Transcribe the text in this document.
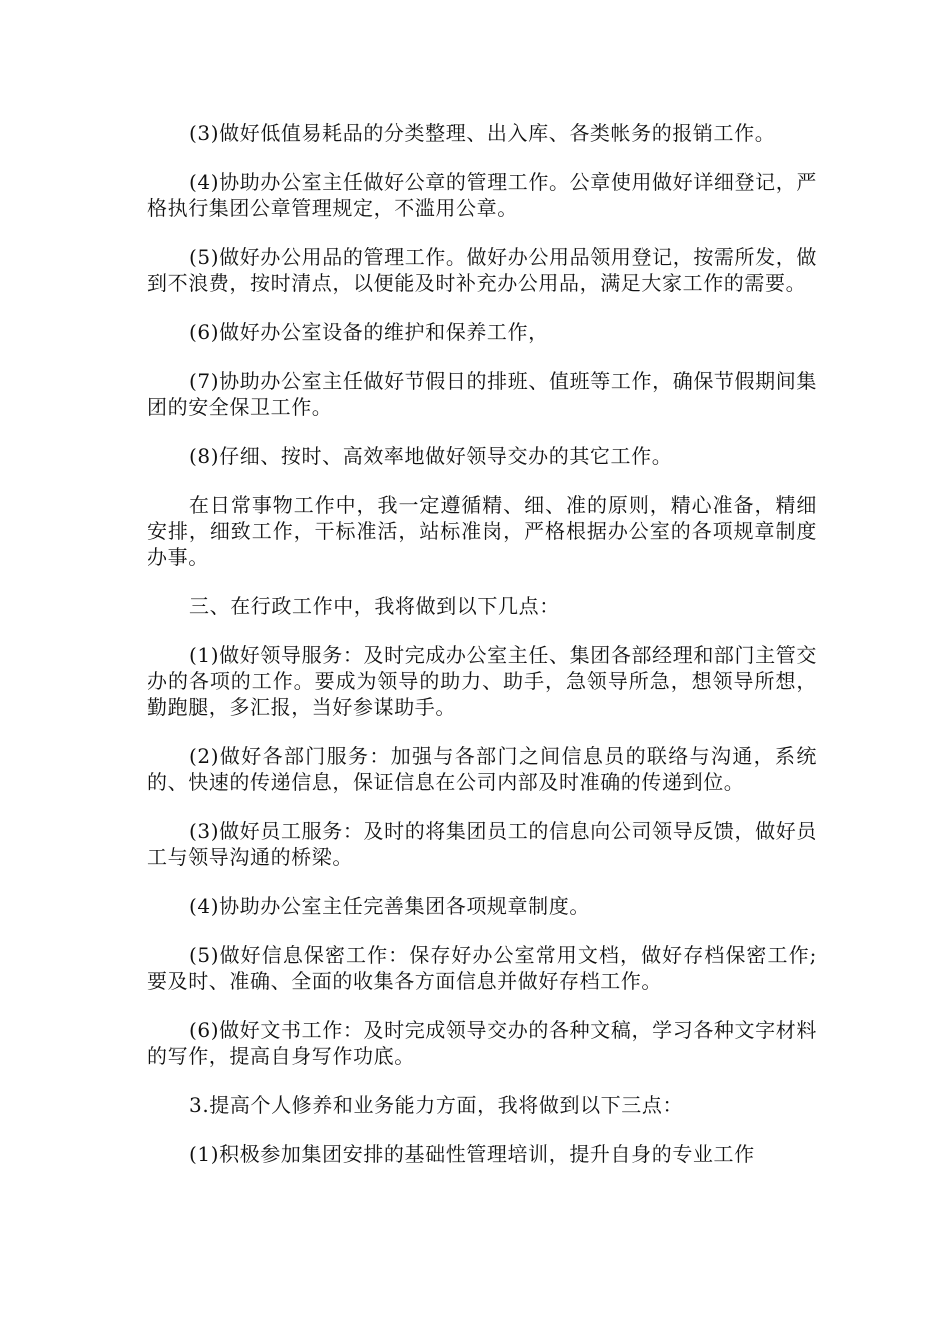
(3)做好低值易耗品的分类整理、出入库、各类帐务的报销工作。

(4)协助办公室主任做好公章的管理工作。公章使用做好详细登记，严格执行集团公章管理规定，不滥用公章。

(5)做好办公用品的管理工作。做好办公用品领用登记，按需所发，做到不浪费，按时清点，以便能及时补充办公用品，满足大家工作的需要。

(6)做好办公室设备的维护和保养工作，

(7)协助办公室主任做好节假日的排班、值班等工作，确保节假期间集团的安全保卫工作。

(8)仔细、按时、高效率地做好领导交办的其它工作。

在日常事物工作中，我一定遵循精、细、准的原则，精心准备，精细安排，细致工作，干标准活，站标准岗，严格根据办公室的各项规章制度办事。

三、在行政工作中，我将做到以下几点：

(1)做好领导服务：及时完成办公室主任、集团各部经理和部门主管交办的各项的工作。要成为领导的助力、助手，急领导所急，想领导所想，勤跑腿，多汇报，当好参谋助手。

(2)做好各部门服务：加强与各部门之间信息员的联络与沟通，系统的、快速的传递信息，保证信息在公司内部及时准确的传递到位。

(3)做好员工服务：及时的将集团员工的信息向公司领导反馈，做好员工与领导沟通的桥梁。

(4)协助办公室主任完善集团各项规章制度。

(5)做好信息保密工作：保存好办公室常用文档，做好存档保密工作;要及时、准确、全面的收集各方面信息并做好存档工作。

(6)做好文书工作：及时完成领导交办的各种文稿，学习各种文字材料的写作，提高自身写作功底。

3.提高个人修养和业务能力方面，我将做到以下三点：

(1)积极参加集团安排的基础性管理培训，提升自身的专业工作
